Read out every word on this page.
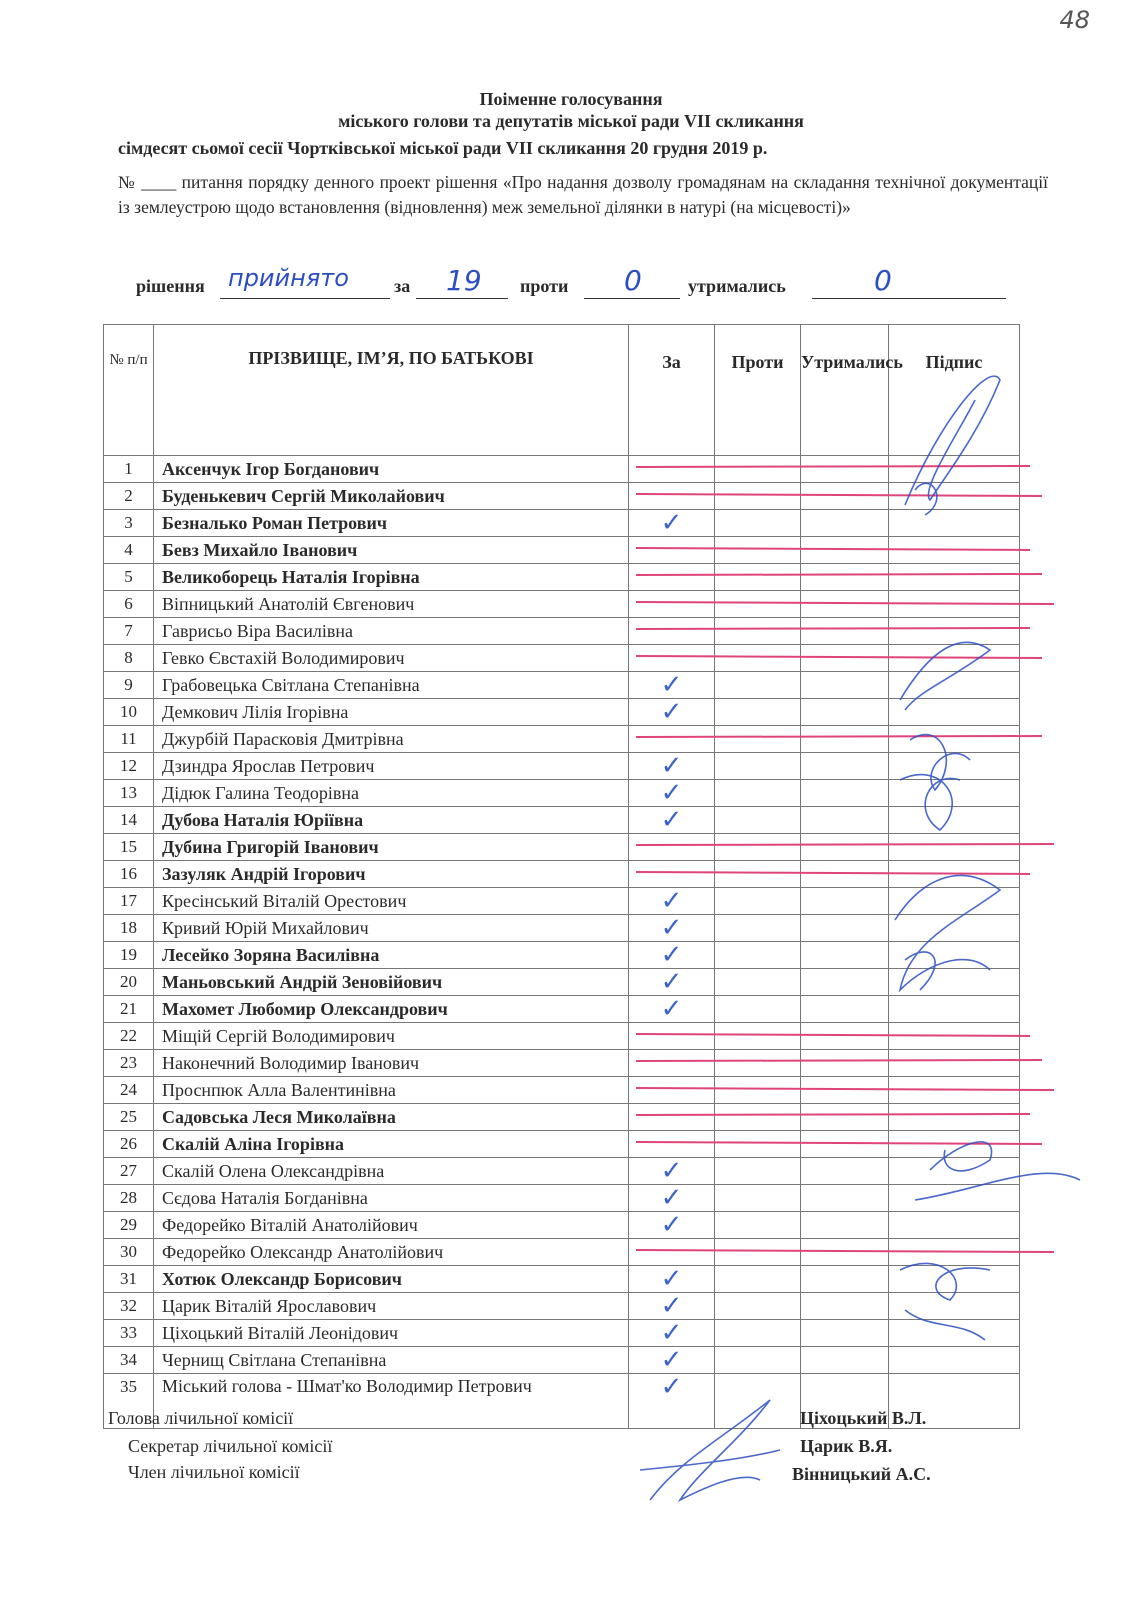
48
Поіменне голосування
міського голови та депутатів міської ради VII скликання
сімдесят сьомої сесії Чортківської міської ради VII скликання 20 грудня 2019 р.
№ ____ питання порядку денного проект рішення «Про надання дозволу громадянам на складання технічної документації із землеустрою щодо встановлення (відновлення) меж земельної ділянки в натурі (на місцевості)»
рішення прийнято	за 19 проти 0	утримались	0
№ п/п	ПРІЗВИЩЕ, ІМ’Я, ПО БАТЬКОВІ	За	Проти	Утримались	Підпис
1	Аксенчук Ігор Богданович				
2	Буденькевич Сергій Миколайович				
3	Безналько Роман Петрович	✓			
4	Бевз Михайло Іванович				
5	Великоборець Наталія Ігорівна				
6	Віпницький Анатолій Євгенович				
7	Гаврисьо Віра Василівна				
8	Гевко Євстахій Володимирович				
9	Грабовецька Світлана Степанівна	✓			
10	Демкович Лілія Ігорівна	✓			
11	Джурбій Парасковія Дмитрівна				
12	Дзиндра Ярослав Петрович	✓			
13	Дідюк Галина Теодорівна	✓			
14	Дубова Наталія Юріївна	✓			
15	Дубина Григорій Іванович				
16	Зазуляк Андрій Ігорович				
17	Кресінський Віталій Орестович	✓			
18	Кривий Юрій Михайлович	✓			
19	Лесейко Зоряна Василівна	✓			
20	Маньовський Андрій Зеновійович	✓			
21	Махомет Любомир Олександрович	✓			
22	Міщій Сергій Володимирович				
23	Наконечний Володимир Іванович				
24	Проснпюк Алла Валентинівна				
25	Садовська Леся Миколаївна				
26	Скалій Аліна Ігорівна				
27	Скалій Олена Олександрівна	✓			
28	Сєдова Наталія Богданівна	✓			
29	Федорейко Віталій Анатолійович	✓			
30	Федорейко Олександр Анатолійович				
31	Хотюк Олександр Борисович	✓			
32	Царик Віталій Ярославович	✓			
33	Ціхоцький Віталій Леонідович	✓			
34	Чернищ Світлана Степанівна	✓			
35	Міський голова - Шмат'ко Володимир Петрович	✓			
Голова лічильної комісії
Секретар лічильної комісії
Член лічильної комісії
Ціхоцький В.Л.
Царик В.Я.
Вінницький А.С.
